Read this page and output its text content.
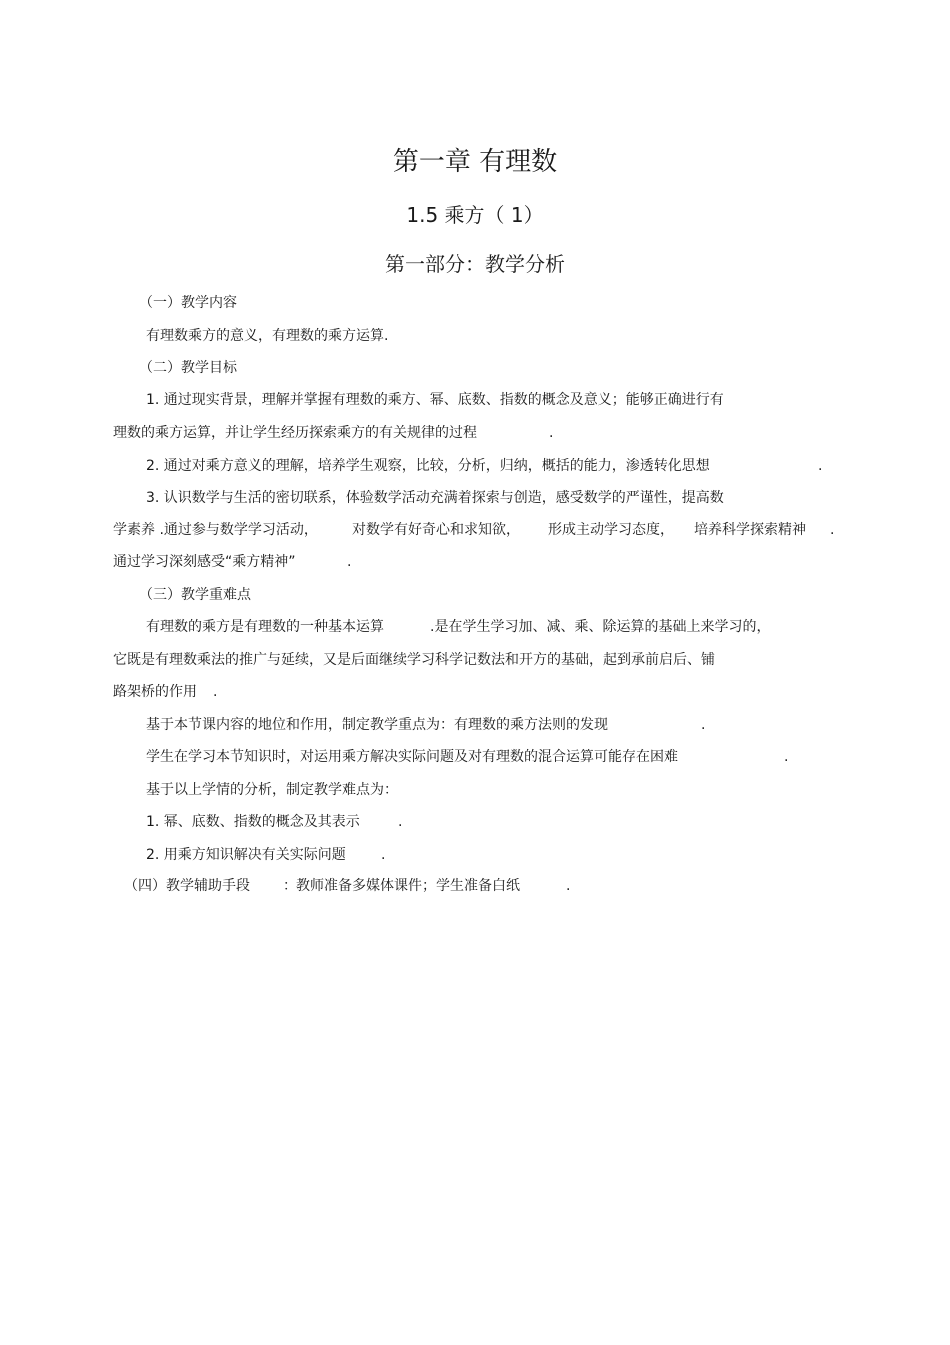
第一章 有理数
1.5 乘方（ 1）
第一部分：教学分析
（一）教学内容
有理数乘方的意义，有理数的乘方运算.
（二）教学目标
1. 通过现实背景，理解并掌握有理数的乘方、幂、底数、指数的概念及意义；能够正确进行有
理数的乘方运算，并让学生经历探索乘方的有关规律的过程	.
2. 通过对乘方意义的理解，培养学生观察，比较，分析，归纳，概括的能力，渗透转化思想	.
3. 认识数学与生活的密切联系，体验数学活动充满着探索与创造，感受数学的严谨性，提高数
学素养 .通过参与数学学习活动， 对数学有好奇心和求知欲， 形成主动学习态度， 培养科学探索精神 .
通过学习深刻感受“乘方精神”	.
（三）教学重难点
有理数的乘方是有理数的一种基本运算	.是在学生学习加、减、乘、除运算的基础上来学习的，
它既是有理数乘法的推广与延续，又是后面继续学习科学记数法和开方的基础，起到承前启后、铺
路架桥的作用 .
基于本节课内容的地位和作用，制定教学重点为：有理数的乘方法则的发现	.
学生在学习本节知识时，对运用乘方解决实际问题及对有理数的混合运算可能存在困难	.
基于以上学情的分析，制定教学难点为：
1. 幂、底数、指数的概念及其表示	.
2. 用乘方知识解决有关实际问题	.
（四）教学辅助手段 ： 教师准备多媒体课件；学生准备白纸	.
